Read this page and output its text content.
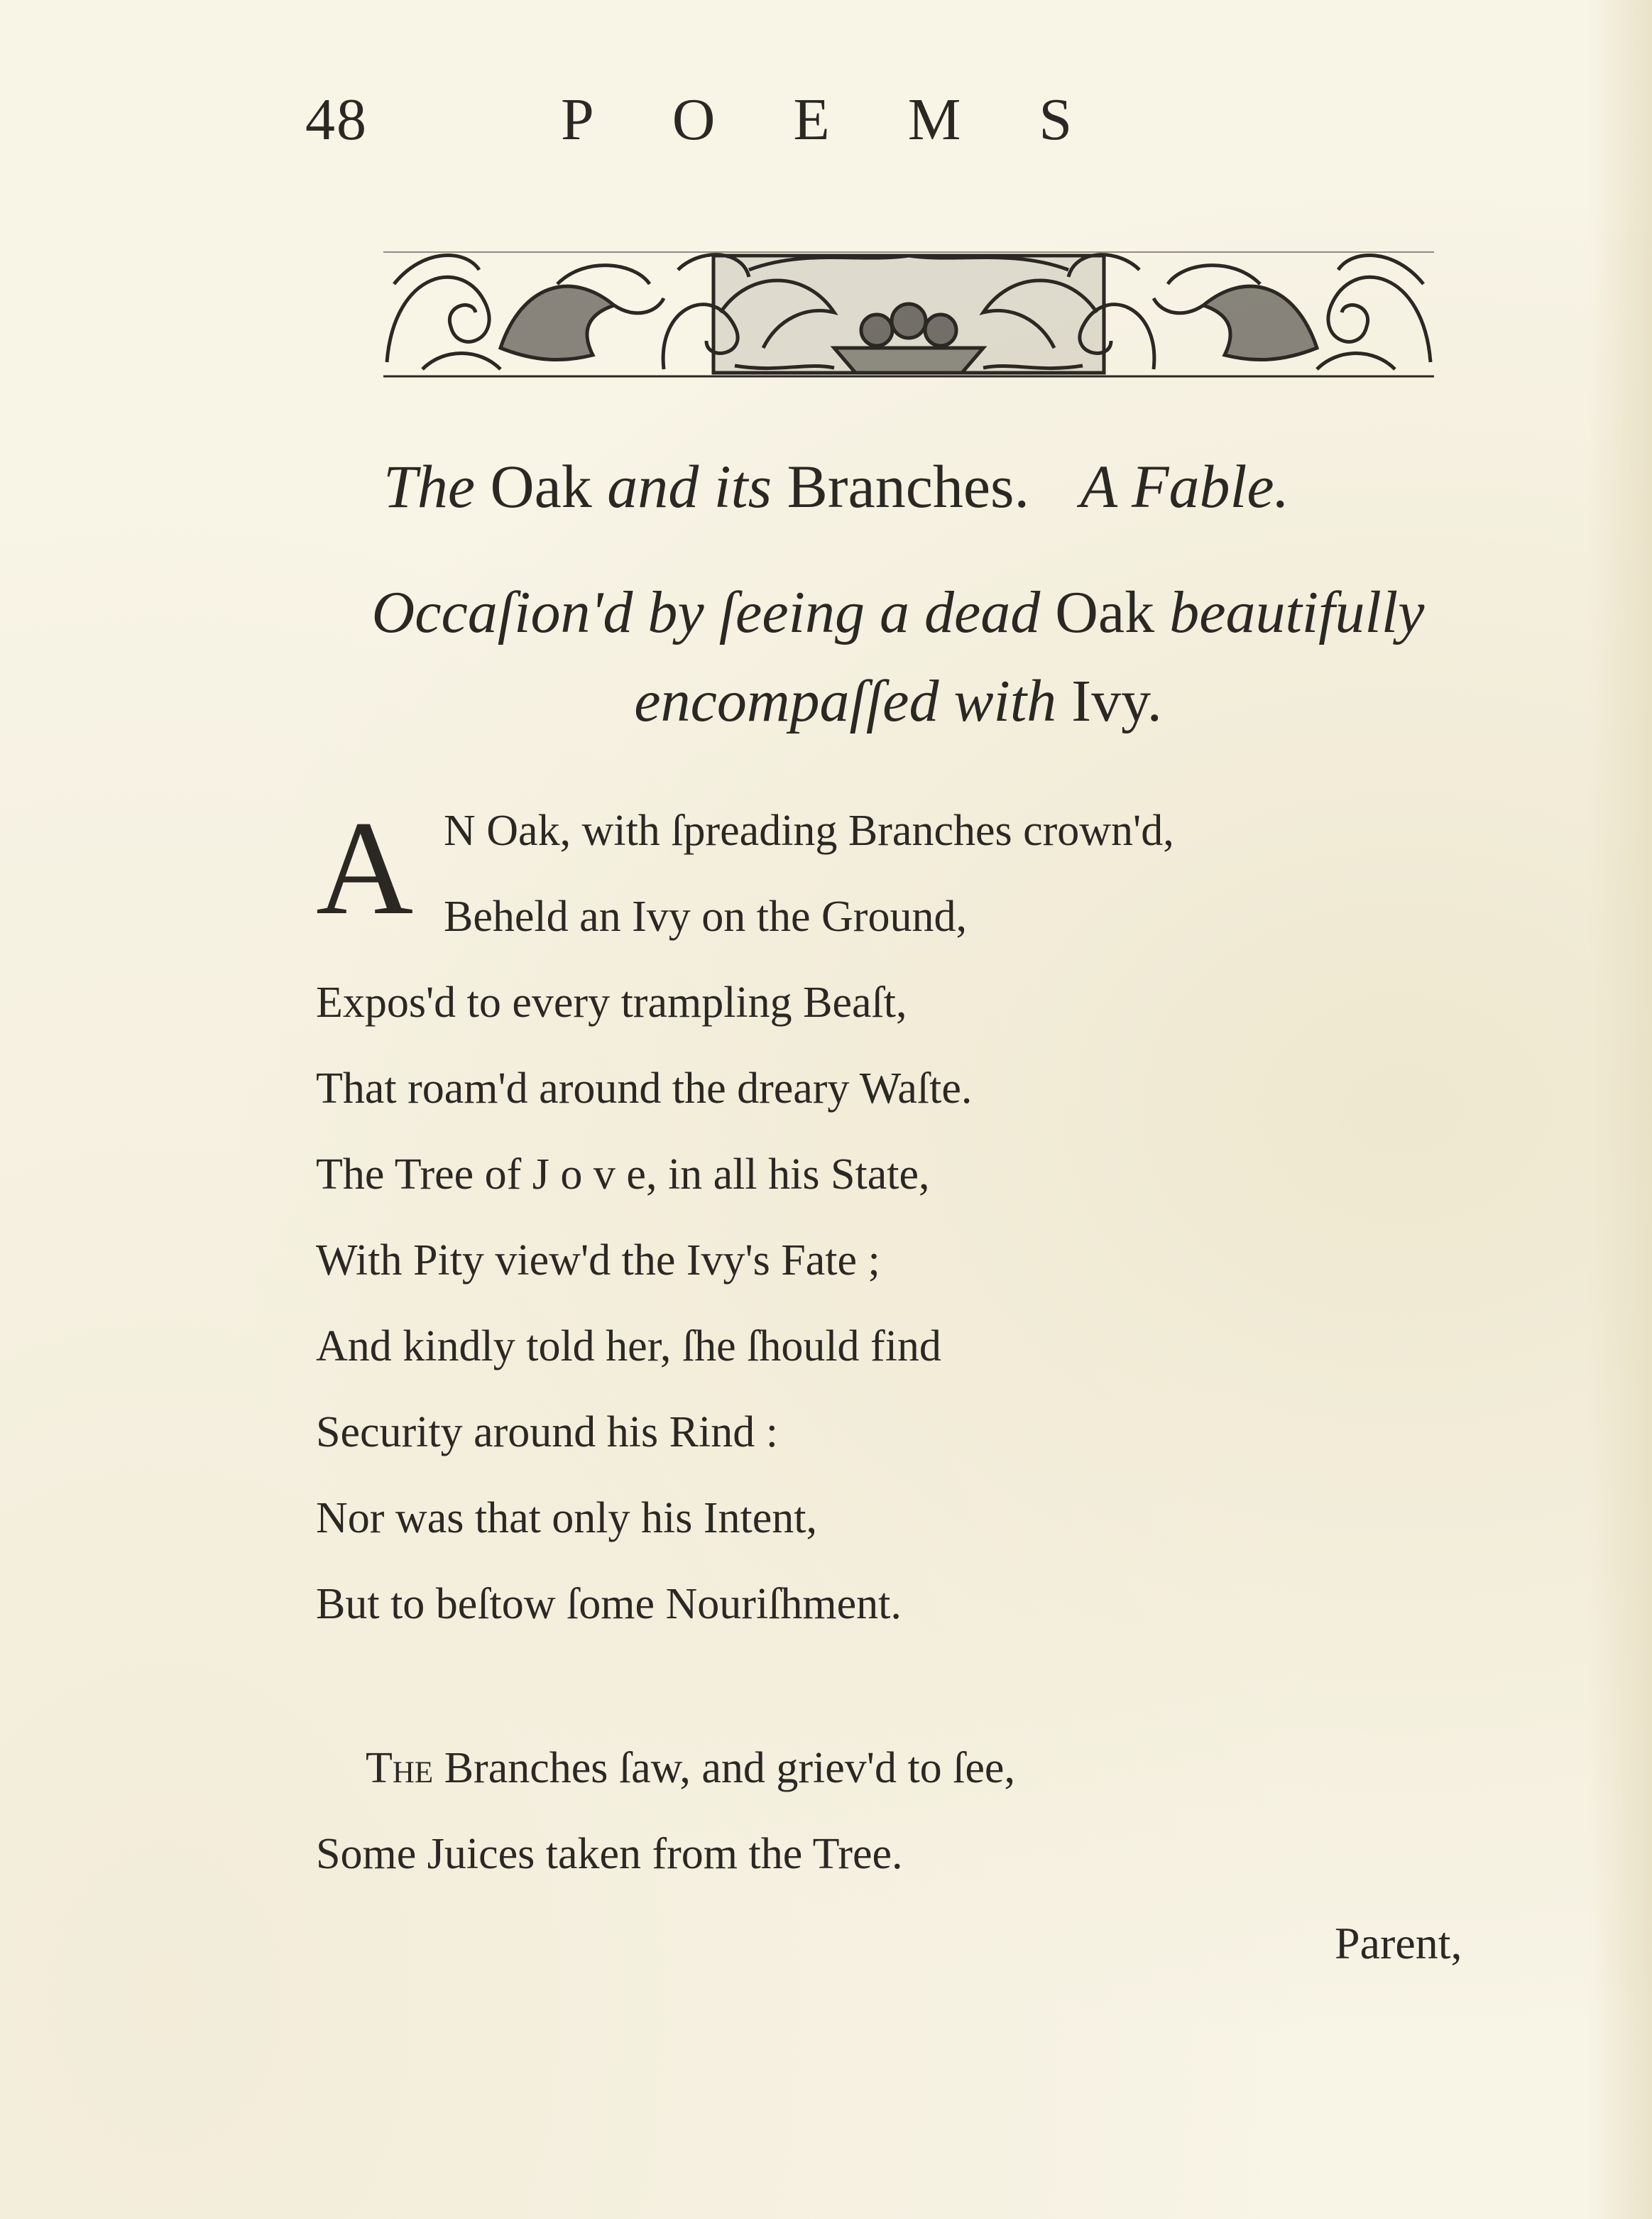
48	POEMS
The Oak and its Branches. A Fable.
Occaſion'd by ſeeing a dead Oak beautifully encompaſſed with Ivy.
A N Oak, with ſpreading Branches crown'd,
Beheld an Ivy on the Ground,
Expos'd to every trampling Beaſt,
That roam'd around the dreary Waſte.
The Tree of J o v e, in all his State,
With Pity view'd the Ivy's Fate ;
And kindly told her, ſhe ſhould find
Security around his Rind :
Nor was that only his Intent,
But to beſtow ſome Nouriſhment.
The Branches ſaw, and griev'd to ſee,
Some Juices taken from the Tree.
Parent,
